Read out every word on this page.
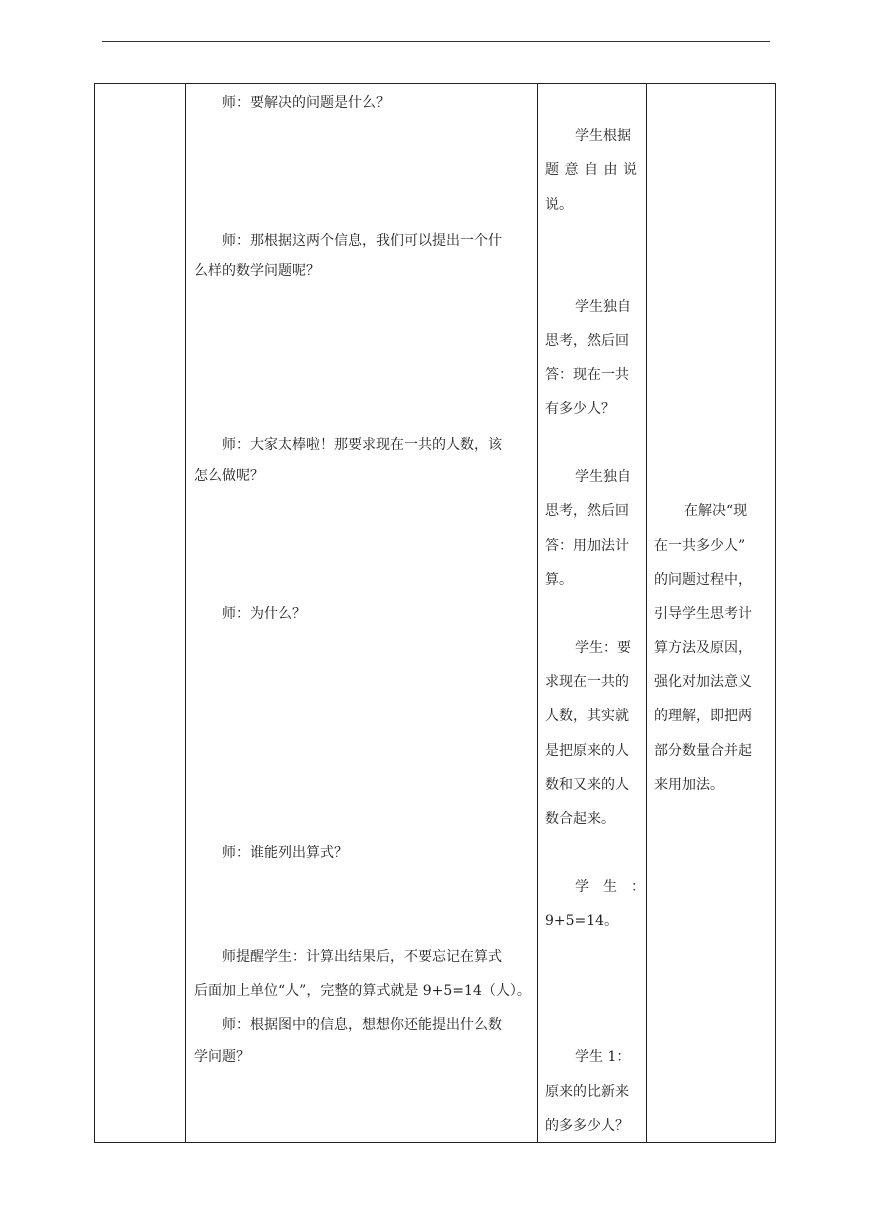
师：要解决的问题是什么？
师：那根据这两个信息，我们可以提出一个什
么样的数学问题呢？
师：大家太棒啦！那要求现在一共的人数，该
怎么做呢？
师：为什么？
师：谁能列出算式？
师提醒学生：计算出结果后，不要忘记在算式
后面加上单位“人”，完整的算式就是 9+5=14（人）。
师：根据图中的信息，想想你还能提出什么数
学问题？
学生根据
题 意 自 由 说
说。
学生独自
思考，然后回
答：现在一共
有多少人？
学生独自
思考，然后回
答：用加法计
算。
学生：要
求现在一共的
人数，其实就
是把原来的人
数和又来的人
数合起来。
学　生　：
9+5=14。
学生 1：
原来的比新来
的多多少人？
在解决“现
在一共多少人”
的问题过程中，
引导学生思考计
算方法及原因，
强化对加法意义
的理解，即把两
部分数量合并起
来用加法。
